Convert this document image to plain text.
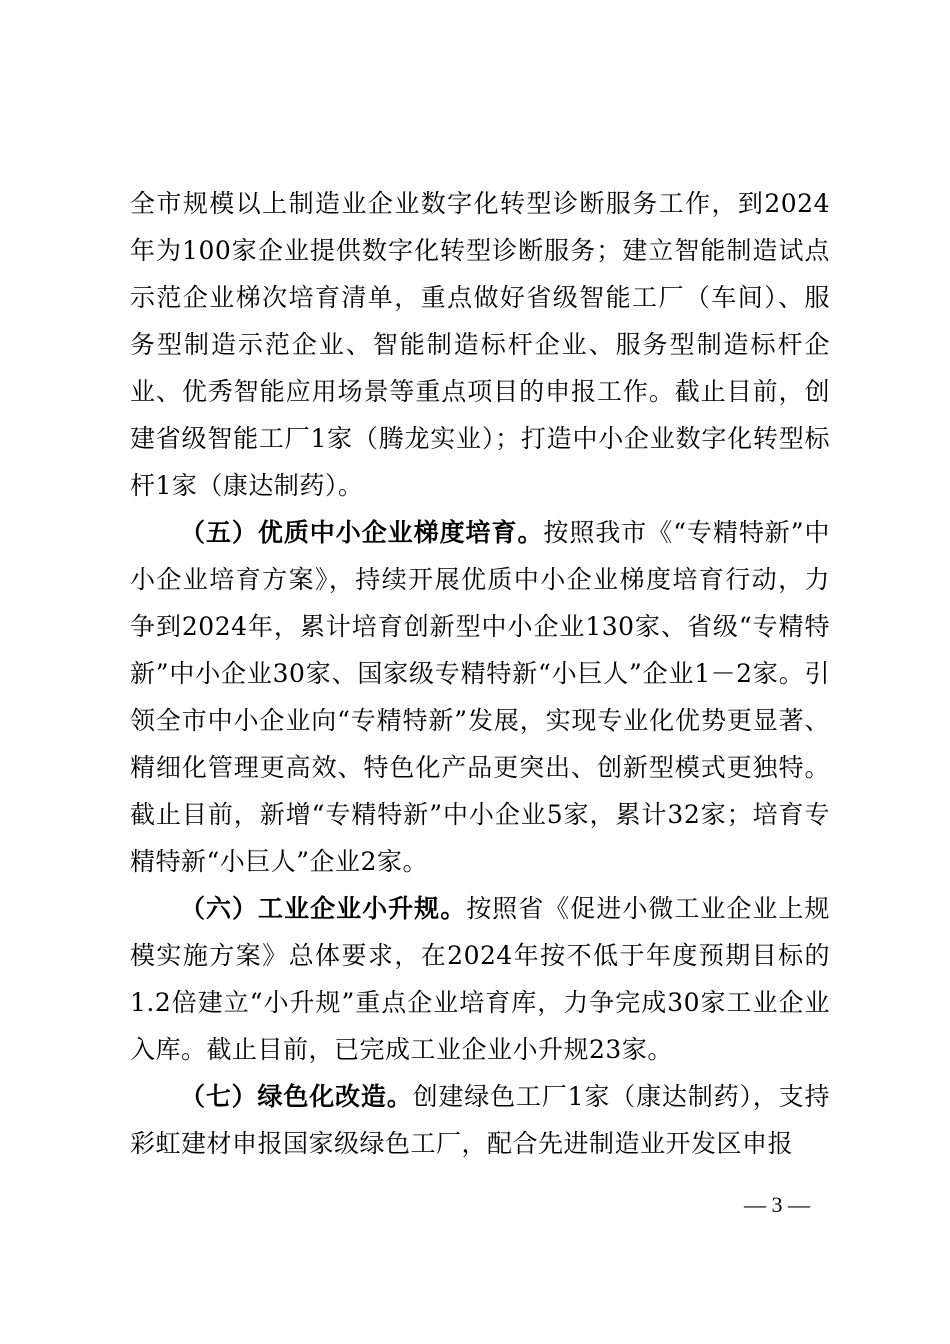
全市规模以上制造业企业数字化转型诊断服务工作，到2024年为100家企业提供数字化转型诊断服务；建立智能制造试点示范企业梯次培育清单，重点做好省级智能工厂（车间）、服务型制造示范企业、智能制造标杆企业、服务型制造标杆企业、优秀智能应用场景等重点项目的申报工作。截止目前，创建省级智能工厂1家（腾龙实业）；打造中小企业数字化转型标杆1家（康达制药）。

（五）优质中小企业梯度培育。按照我市《“专精特新”中小企业培育方案》，持续开展优质中小企业梯度培育行动，力争到2024年，累计培育创新型中小企业130家、省级“专精特新”中小企业30家、国家级专精特新“小巨人”企业1－2家。引领全市中小企业向“专精特新”发展，实现专业化优势更显著、精细化管理更高效、特色化产品更突出、创新型模式更独特。截止目前，新增“专精特新”中小企业5家，累计32家；培育专精特新“小巨人”企业2家。

（六）工业企业小升规。按照省《促进小微工业企业上规模实施方案》总体要求，在2024年按不低于年度预期目标的1.2倍建立“小升规”重点企业培育库，力争完成30家工业企业入库。截止目前，已完成工业企业小升规23家。

（七）绿色化改造。创建绿色工厂1家（康达制药），支持彩虹建材申报国家级绿色工厂，配合先进制造业开发区申报

— 3 —
